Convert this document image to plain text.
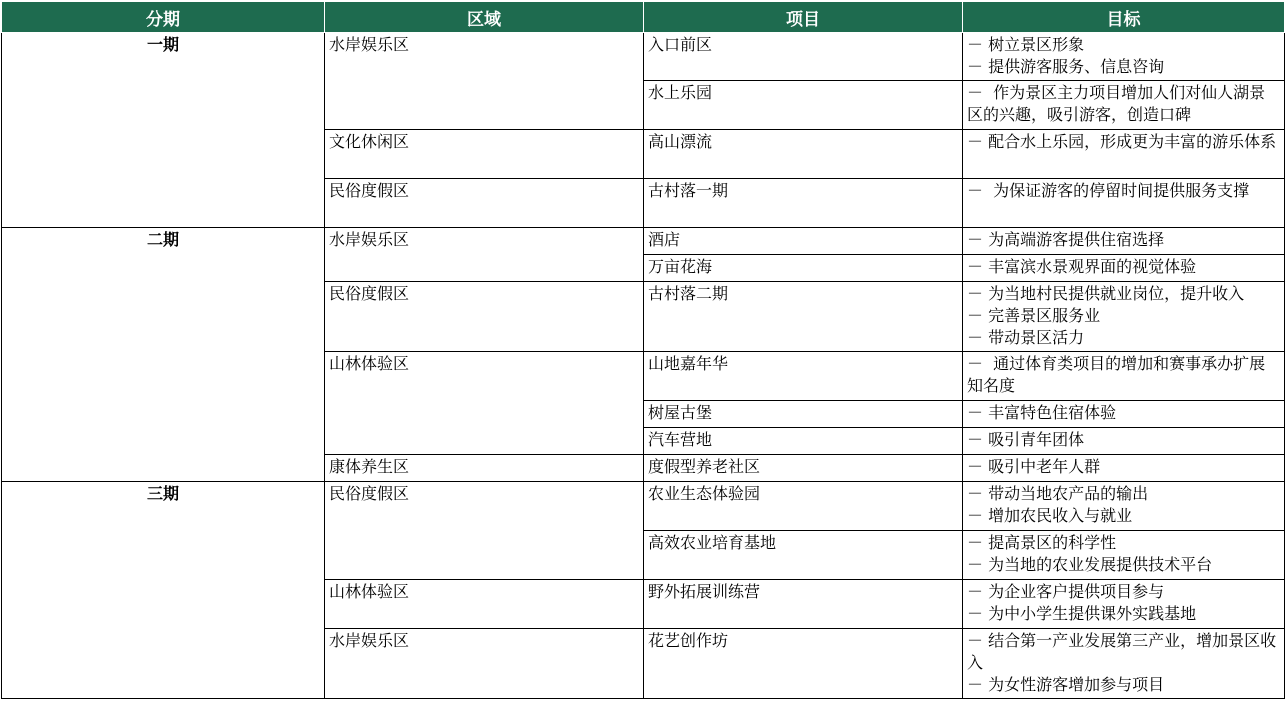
分期	区域	项目	目标
一期	水岸娱乐区	入口前区	－ 树立景区形象
－ 提供游客服务、信息咨询

		水上乐园	－  作为景区主力项目增加人们对仙人湖景区的兴趣，吸引游客，创造口碑

	文化休闲区	高山漂流	－ 配合水上乐园，形成更为丰富的游乐体系

	民俗度假区	古村落一期	－  为保证游客的停留时间提供服务支撑

二期	水岸娱乐区	酒店	－ 为高端游客提供住宿选择

		万亩花海	－ 丰富滨水景观界面的视觉体验

	民俗度假区	古村落二期	－ 为当地村民提供就业岗位，提升收入
－ 完善景区服务业
－ 带动景区活力

	山林体验区	山地嘉年华	－  通过体育类项目的增加和赛事承办扩展知名度

		树屋古堡	－ 丰富特色住宿体验

		汽车营地	－ 吸引青年团体

	康体养生区	度假型养老社区	－ 吸引中老年人群

三期	民俗度假区	农业生态体验园	－ 带动当地农产品的输出
－ 增加农民收入与就业

		高效农业培育基地	－ 提高景区的科学性
－ 为当地的农业发展提供技术平台

	山林体验区	野外拓展训练营	－ 为企业客户提供项目参与
－ 为中小学生提供课外实践基地

	水岸娱乐区	花艺创作坊	－ 结合第一产业发展第三产业，增加景区收入
－ 为女性游客增加参与项目
